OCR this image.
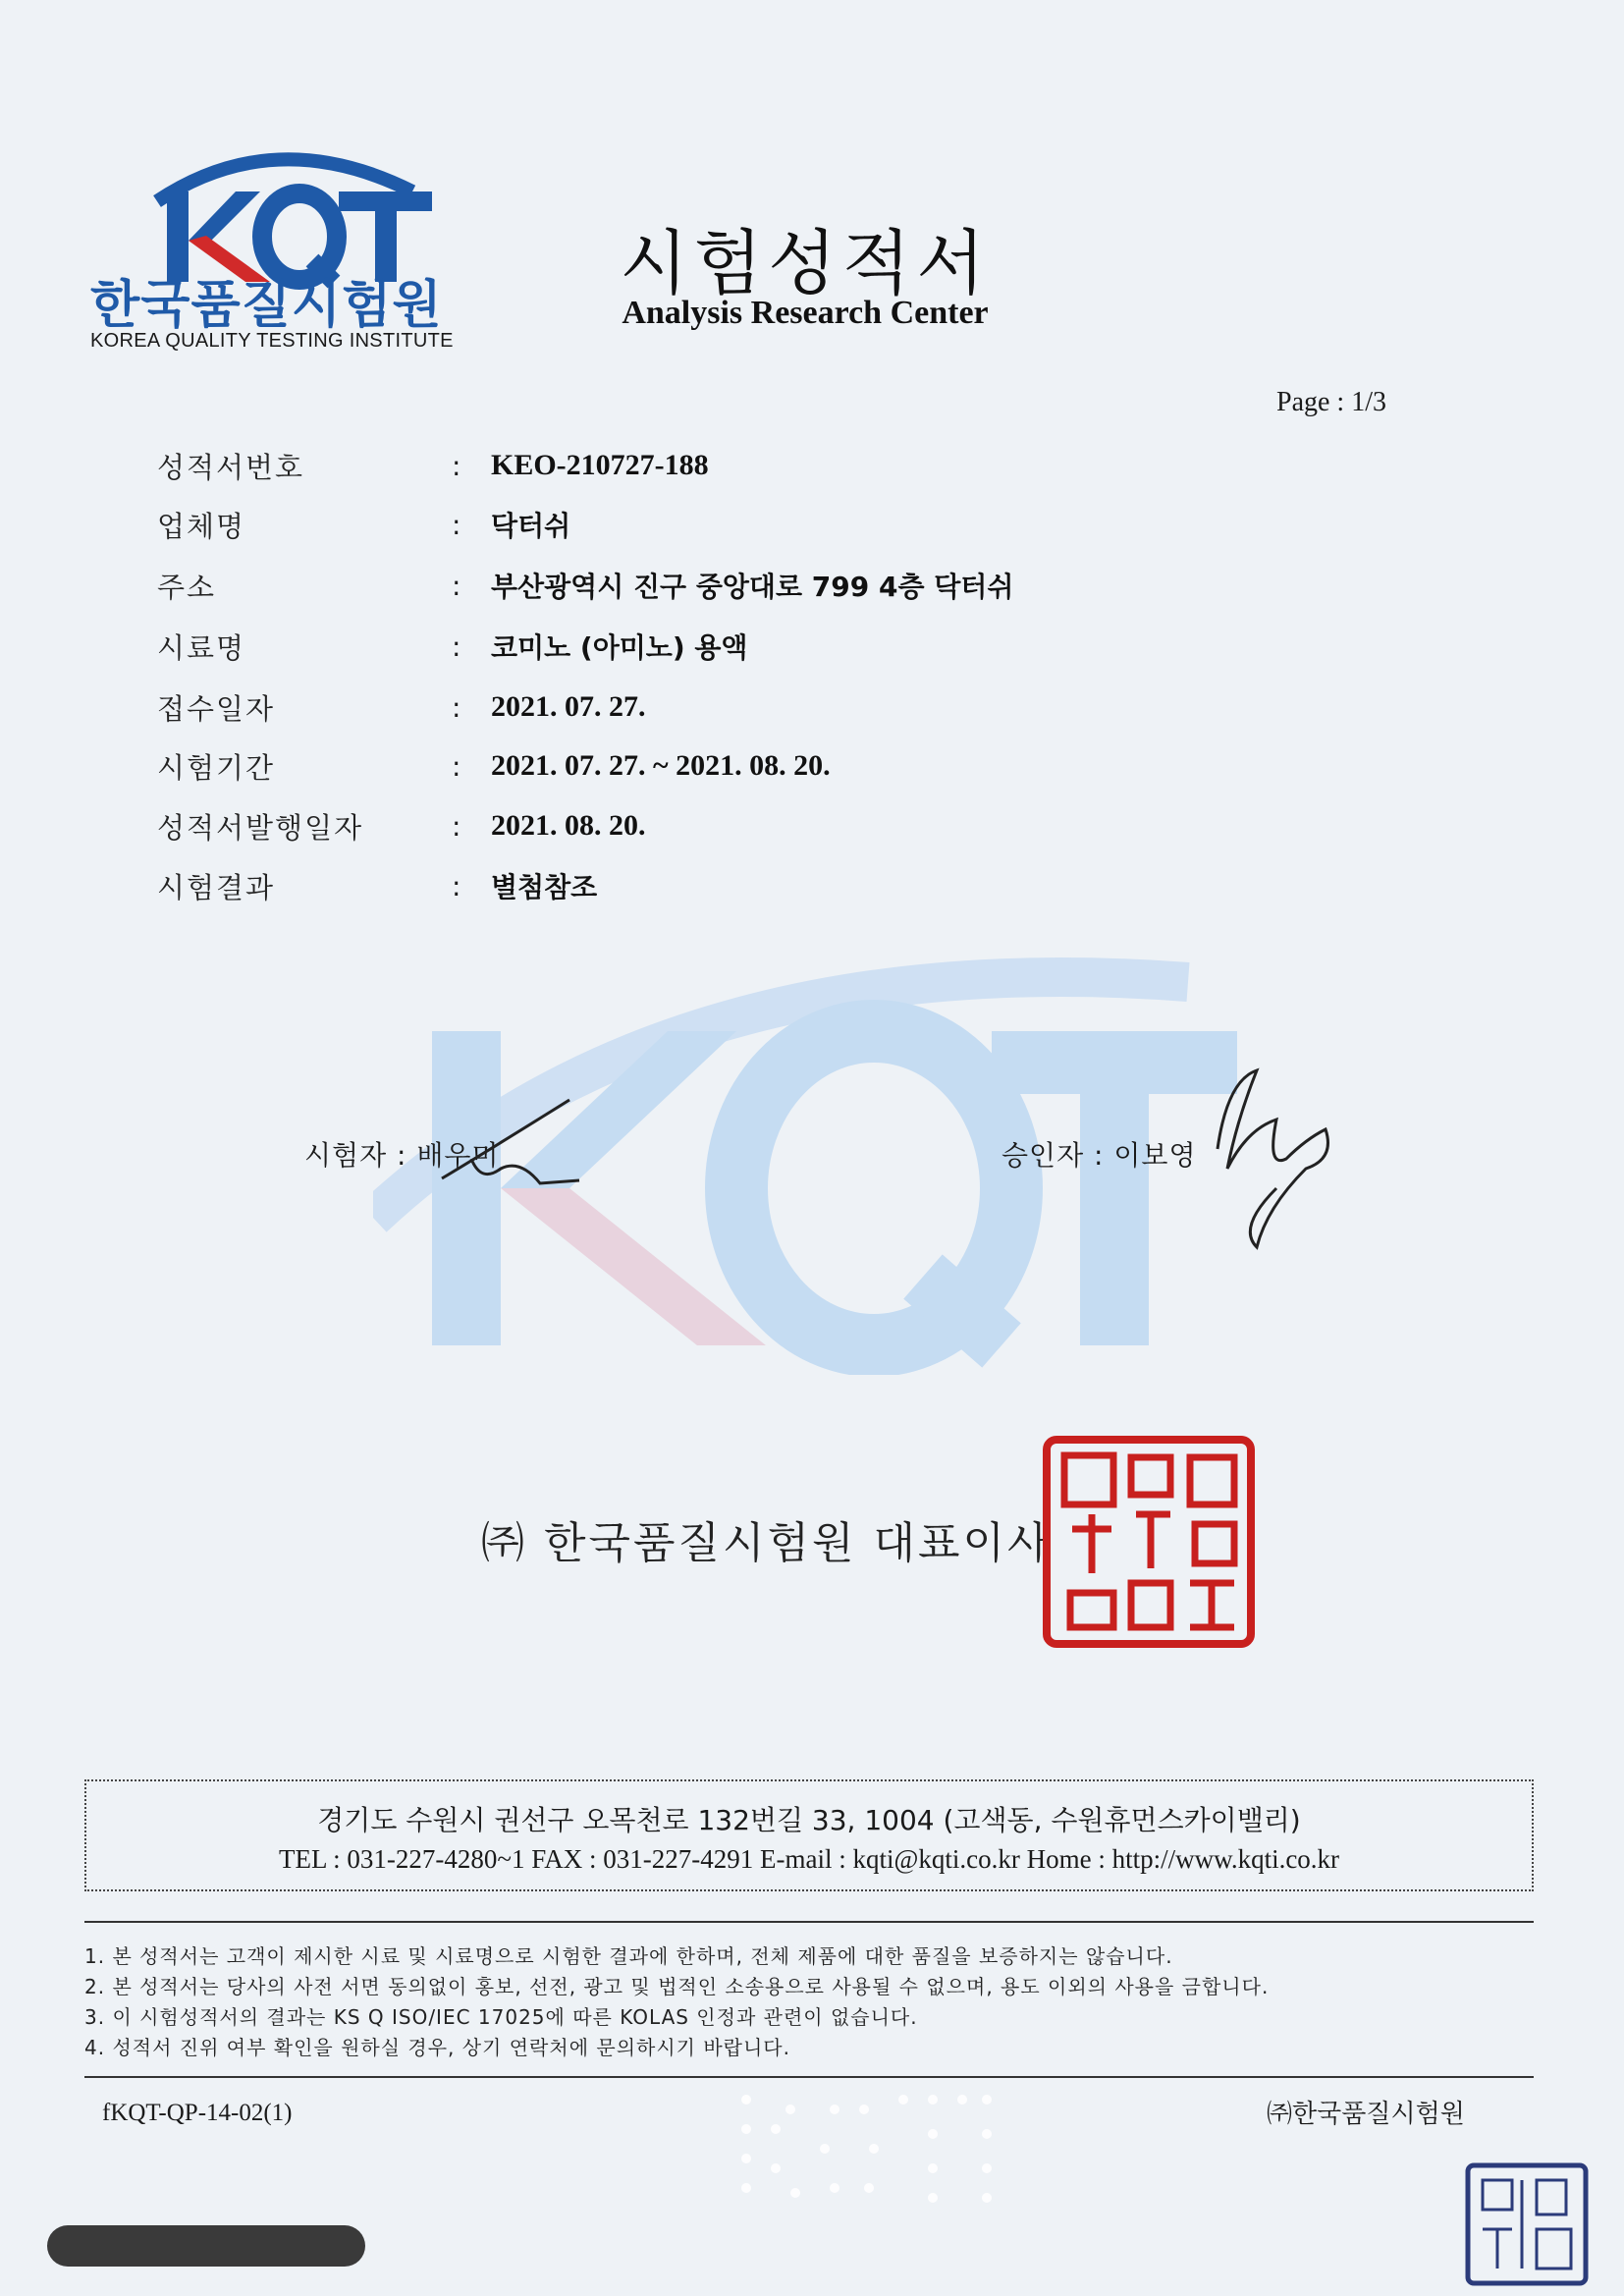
한국품질시험원
KOREA QUALITY TESTING INSTITUTE
시험성적서
Analysis Research Center
Page : 1/3
성적서번호	:	KEO-210727-188
업체명	:	닥터쉬
주소	:	부산광역시 진구 중앙대로 799 4층 닥터쉬
시료명	:	코미노 (아미노) 용액
접수일자	:	2021. 07. 27.
시험기간	:	2021. 07. 27. ~ 2021. 08. 20.
성적서발행일자	:	2021. 08. 20.
시험결과	:	별첨참조
시험자 : 배우미	승인자 : 이보영
㈜ 한국품질시험원 대표이사
경기도 수원시 권선구 오목천로 132번길 33, 1004 (고색동, 수원휴먼스카이밸리)
TEL : 031-227-4280~1 FAX : 031-227-4291 E-mail : kqti@kqti.co.kr Home : http://www.kqti.co.kr
1. 본 성적서는 고객이 제시한 시료 및 시료명으로 시험한 결과에 한하며, 전체 제품에 대한 품질을 보증하지는 않습니다.
2. 본 성적서는 당사의 사전 서면 동의없이 홍보, 선전, 광고 및 법적인 소송용으로 사용될 수 없으며, 용도 이외의 사용을 금합니다.
3. 이 시험성적서의 결과는 KS Q ISO/IEC 17025에 따른 KOLAS 인정과 관련이 없습니다.
4. 성적서 진위 여부 확인을 원하실 경우, 상기 연락처에 문의하시기 바랍니다.
fKQT-QP-14-02(1)	㈜한국품질시험원
